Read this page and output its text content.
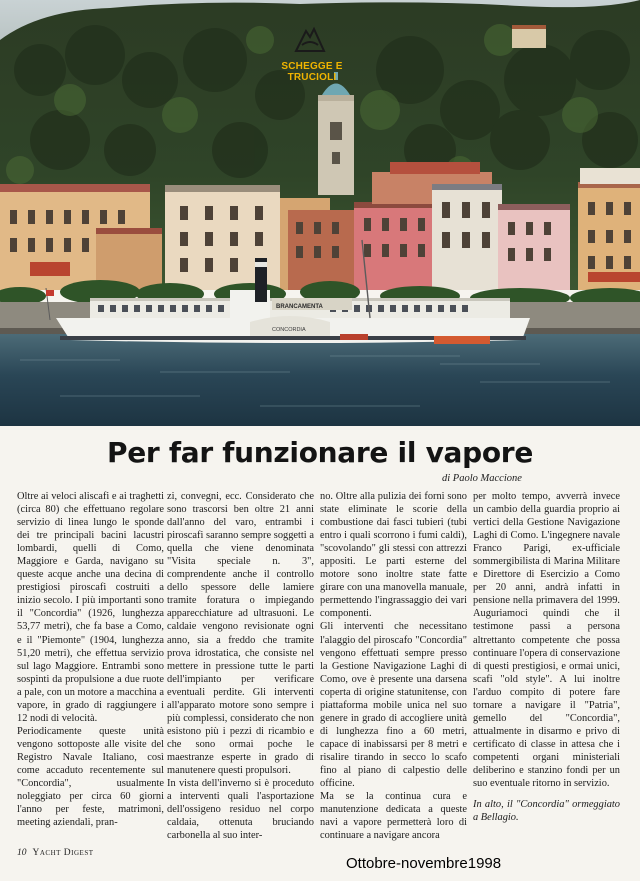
BRANCAMENTA
CONCORDIA
SCHEGGE E TRUCIOLI
Per far funzionare il vapore
di Paolo Maccione

Oltre ai veloci aliscafi e ai traghetti (circa 80) che effettuano regolare servizio di linea lungo le sponde dei tre principali bacini lacustri lombardi, quelli di Como, Maggiore e Garda, navigano su queste acque anche una decina di prestigiosi piroscafi costruiti a inizio secolo. I più importanti sono il "Concordia" (1926, lunghezza 53,77 metri), che fa base a Como, e il "Piemonte" (1904, lunghezza 51,20 metri), che effettua servizio sul lago Maggiore. Entrambi sono sospinti da propulsione a due ruote a pale, con un motore a macchina a vapore, in grado di raggiungere i 12 nodi di velocità.

Periodicamente queste unità vengono sottoposte alle visite del Registro Navale Italiano, così come accaduto recentemente sul "Concordia", usualmente noleggiato per circa 60 giorni l'anno per feste, matrimoni, meeting aziendali, pran-

zi, convegni, ecc. Considerato che sono trascorsi ben oltre 21 anni dall'anno del varo, entrambi i piroscafi saranno sempre soggetti a quella che viene denominata "Visita speciale n. 3", comprendente anche il controllo dello spessore delle lamiere tramite foratura o impiegando apparecchiature ad ultrasuoni. Le caldaie vengono revisionate ogni anno, sia a freddo che tramite prova idrostatica, che consiste nel mettere in pressione tutte le parti dell'impianto per verificare eventuali perdite. Gli interventi all'apparato motore sono sempre i più complessi, considerato che non esistono più i pezzi di ricambio e che sono ormai poche le maestranze esperte in grado di manutenere questi propulsori.

In vista dell'inverno si è proceduto a interventi quali l'asportazione dell'ossigeno residuo nel corpo caldaia, ottenuta bruciando carbonella al suo inter-

no. Oltre alla pulizia dei forni sono state eliminate le scorie della combustione dai fasci tubieri (tubi entro i quali scorrono i fumi caldi), "scovolando" gli stessi con attrezzi appositi. Le parti esterne del motore sono inoltre state fatte girare con una manovella manuale, permettendo l'ingrassaggio dei vari componenti.

Gli interventi che necessitano l'alaggio del piroscafo "Concordia" vengono effettuati sempre presso la Gestione Navigazione Laghi di Como, ove è presente una darsena coperta di origine statunitense, con piattaforma mobile unica nel suo genere in grado di accogliere unità di lunghezza fino a 60 metri, capace di inabissarsi per 8 metri e risalire tirando in secco lo scafo fino al piano di calpestio delle officine.

Ma se la continua cura e manutenzione dedicata a queste navi a vapore permetterà loro di continuare a navigare ancora

per molto tempo, avverrà invece un cambio della guardia proprio ai vertici della Gestione Navigazione Laghi di Como. L'ingegnere navale Franco Parigi, ex-ufficiale sommergibilista di Marina Militare e Direttore di Esercizio a Como per 20 anni, andrà infatti in pensione nella primavera del 1999. Auguriamoci quindi che il testimone passi a persona altrettanto competente che possa continuare l'opera di conservazione di questi prestigiosi, e ormai unici, scafi "old style". A lui inoltre l'arduo compito di potere fare tornare a navigare il "Patria", gemello del "Concordia", attualmente in disarmo e privo di certificato di classe in attesa che i competenti organi ministeriali deliberino e stanzino fondi per un suo eventuale ritorno in servizio.

In alto, il "Concordia" ormeggiato a Bellagio.

10 Yacht Digest
Ottobre-novembre1998
